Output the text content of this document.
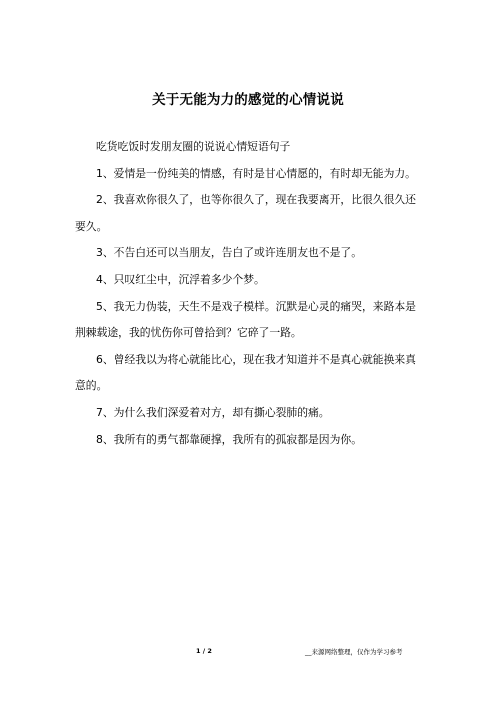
关于无能为力的感觉的心情说说

吃货吃饭时发朋友圈的说说心情短语句子

1、爱情是一份纯美的情感，有时是甘心情愿的，有时却无能为力。

2、我喜欢你很久了，也等你很久了，现在我要离开，比很久很久还要久。

3、不告白还可以当朋友，告白了或许连朋友也不是了。

4、只叹红尘中，沉浮着多少个梦。

5、我无力伪装，天生不是戏子模样。沉默是心灵的痛哭，来路本是荆棘载途，我的忧伤你可曾拾到？它碎了一路。

6、曾经我以为将心就能比心，现在我才知道并不是真心就能换来真意的。

7、为什么我们深爱着对方，却有撕心裂肺的痛。

8、我所有的勇气都靠硬撑，我所有的孤寂都是因为你。

1 / 2	__来源网络整理，仅作为学习参考
